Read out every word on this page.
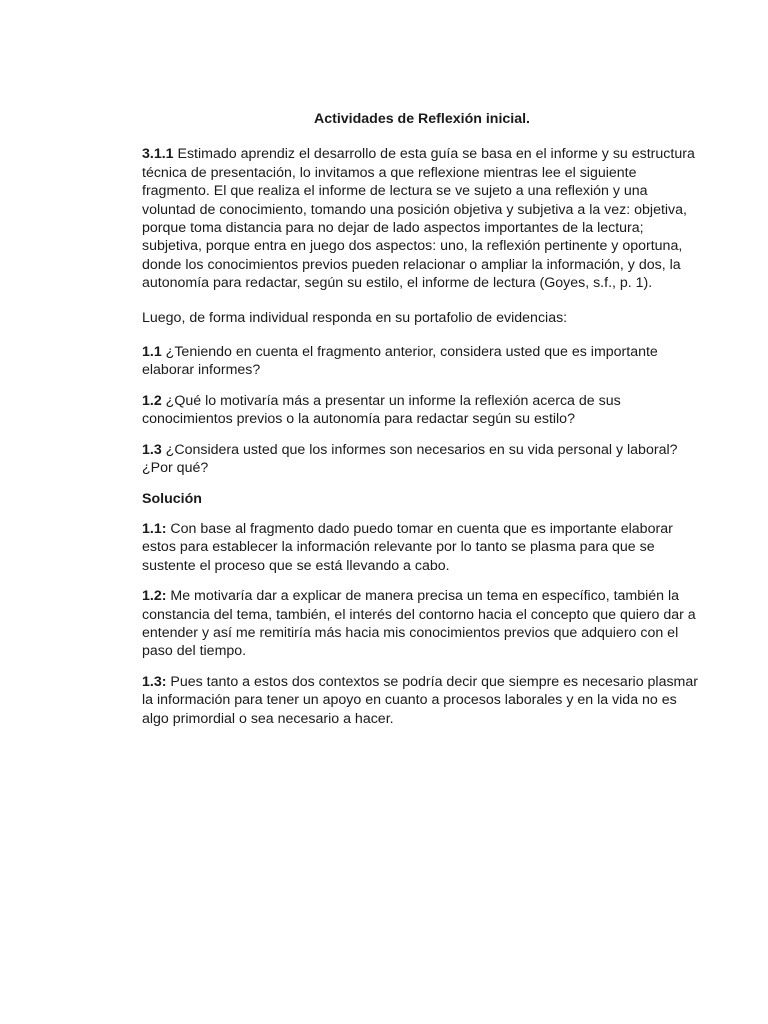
Actividades de Reflexión inicial.

3.1.1 Estimado aprendiz el desarrollo de esta guía se basa en el informe y su estructura técnica de presentación, lo invitamos a que reflexione mientras lee el siguiente fragmento. El que realiza el informe de lectura se ve sujeto a una reflexión y una voluntad de conocimiento, tomando una posición objetiva y subjetiva a la vez: objetiva, porque toma distancia para no dejar de lado aspectos importantes de la lectura; subjetiva, porque entra en juego dos aspectos: uno, la reflexión pertinente y oportuna, donde los conocimientos previos pueden relacionar o ampliar la información, y dos, la autonomía para redactar, según su estilo, el informe de lectura (Goyes, s.f., p. 1).

Luego, de forma individual responda en su portafolio de evidencias:

1.1 ¿Teniendo en cuenta el fragmento anterior, considera usted que es importante elaborar informes?

1.2 ¿Qué lo motivaría más a presentar un informe la reflexión acerca de sus conocimientos previos o la autonomía para redactar según su estilo?

1.3 ¿Considera usted que los informes son necesarios en su vida personal y laboral? ¿Por qué?

Solución

1.1: Con base al fragmento dado puedo tomar en cuenta que es importante elaborar estos para establecer la información relevante por lo tanto se plasma para que se sustente el proceso que se está llevando a cabo.

1.2: Me motivaría dar a explicar de manera precisa un tema en específico, también la constancia del tema, también, el interés del contorno hacia el concepto que quiero dar a entender y así me remitiría más hacia mis conocimientos previos que adquiero con el paso del tiempo.

1.3: Pues tanto a estos dos contextos se podría decir que siempre es necesario plasmar la información para tener un apoyo en cuanto a procesos laborales y en la vida no es algo primordial o sea necesario a hacer.
